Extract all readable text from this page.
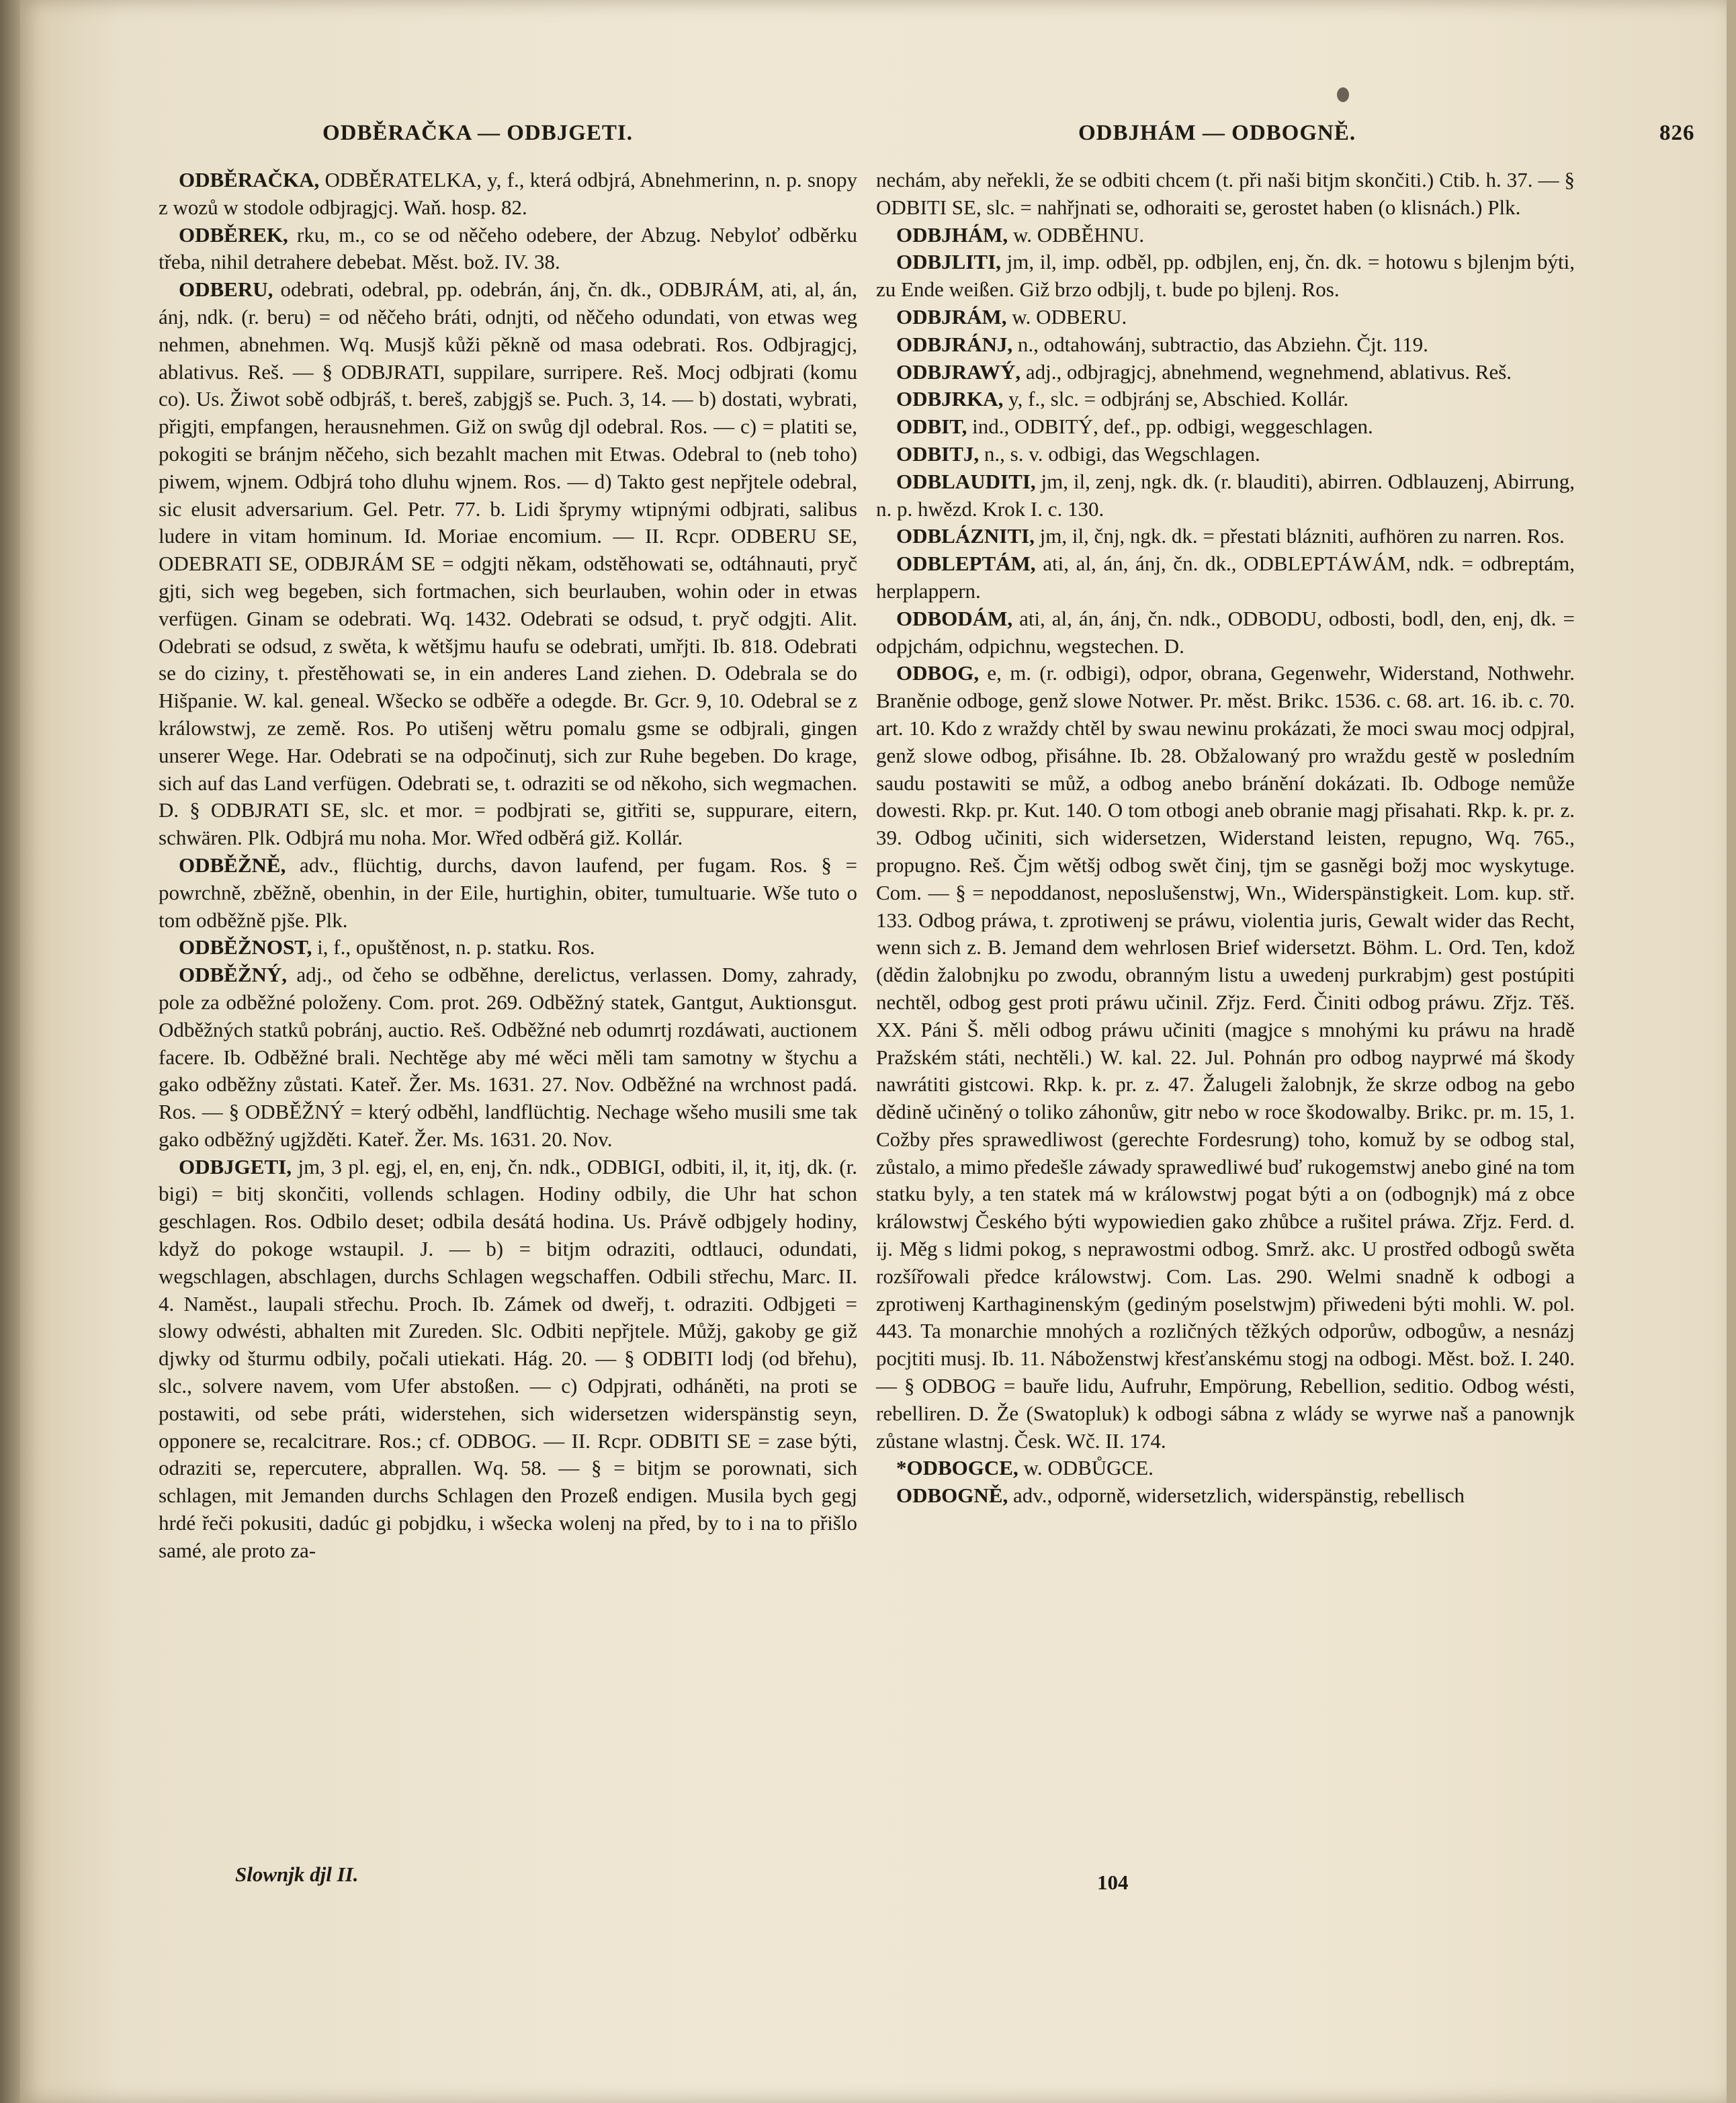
ODBĚRAČKA — ODBJGETI.	ODBJHÁM — ODBOGNĚ.	826

ODBĚRAČKA, ODBĚRATELKA, y, f., která odbjrá, Abnehmerinn, n. p. snopy z wozů w stodole odbjragjcj. Waň. hosp. 82.

ODBĚREK, rku, m., co se od něčeho odebere, der Abzug. Nebyloť odběrku třeba, nihil detrahere debebat. Měst. bož. IV. 38.

ODBERU, odebrati, odebral, pp. odebrán, ánj, čn. dk., ODBJRÁM, ati, al, án, ánj, ndk. (r. beru) = od něčeho bráti, odnjti, od něčeho odundati, von etwas weg nehmen, abnehmen. Wq. Musjš kůži pěkně od masa odebrati. Ros. Odbjragjcj, ablativus. Reš. — § ODBJRATI, suppilare, surripere. Reš. Mocj odbjrati (komu co). Us. Žiwot sobě odbjráš, t. bereš, zabjgjš se. Puch. 3, 14. — b) dostati, wybrati, přigjti, empfangen, herausnehmen. Giž on swůg djl odebral. Ros. — c) = platiti se, pokogiti se bránjm něčeho, sich bezahlt machen mit Etwas. Odebral to (neb toho) piwem, wjnem. Odbjrá toho dluhu wjnem. Ros. — d) Takto gest nepřjtele odebral, sic elusit adversarium. Gel. Petr. 77. b. Lidi šprymy wtipnými odbjrati, salibus ludere in vitam hominum. Id. Moriae encomium. — II. Rcpr. ODBERU SE, ODEBRATI SE, ODBJRÁM SE = odgjti někam, odstěhowati se, odtáhnauti, pryč gjti, sich weg begeben, sich fortmachen, sich beurlauben, wohin oder in etwas verfügen. Ginam se odebrati. Wq. 1432. Odebrati se odsud, t. pryč odgjti. Alit. Odebrati se odsud, z swěta, k wětšjmu haufu se odebrati, umřjti. Ib. 818. Odebrati se do ciziny, t. přestěhowati se, in ein anderes Land ziehen. D. Odebrala se do Hišpanie. W. kal. geneal. Wšecko se odběře a odegde. Br. Gcr. 9, 10. Odebral se z králowstwj, ze země. Ros. Po utišenj wětru pomalu gsme se odbjrali, gingen unserer Wege. Har. Odebrati se na odpočinutj, sich zur Ruhe begeben. Do krage, sich auf das Land verfügen. Odebrati se, t. odraziti se od někoho, sich wegmachen. D. § ODBJRATI SE, slc. et mor. = podbjrati se, gitřiti se, suppurare, eitern, schwären. Plk. Odbjrá mu noha. Mor. Wřed odběrá giž. Kollár.

ODBĚŽNĚ, adv., flüchtig, durchs, davon laufend, per fugam. Ros. § = powrchně, zběžně, obenhin, in der Eile, hurtighin, obiter, tumultuarie. Wše tuto o tom odběžně pjše. Plk.

ODBĚŽNOST, i, f., opuštěnost, n. p. statku. Ros.

ODBĚŽNÝ, adj., od čeho se odběhne, derelictus, verlassen. Domy, zahrady, pole za odběžné položeny. Com. prot. 269. Odběžný statek, Gantgut, Auktionsgut. Odběžných statků pobránj, auctio. Reš. Odběžné neb odumrtj rozdáwati, auctionem facere. Ib. Odběžné brali. Nechtěge aby mé wěci měli tam samotny w štychu a gako odběžny zůstati. Kateř. Žer. Ms. 1631. 27. Nov. Odběžné na wrchnost padá. Ros. — § ODBĚŽNÝ = který odběhl, landflüchtig. Nechage wšeho musili sme tak gako odběžný ugjžděti. Kateř. Žer. Ms. 1631. 20. Nov.

ODBJGETI, jm, 3 pl. egj, el, en, enj, čn. ndk., ODBIGI, odbiti, il, it, itj, dk. (r. bigi) = bitj skončiti, vollends schlagen. Hodiny odbily, die Uhr hat schon geschlagen. Ros. Odbilo deset; odbila desátá hodina. Us. Právě odbjgely hodiny, když do pokoge wstaupil. J. — b) = bitjm odraziti, odtlauci, odundati, wegschlagen, abschlagen, durchs Schlagen wegschaffen. Odbili střechu, Marc. II. 4. Naměst., laupali střechu. Proch. Ib. Zámek od dweřj, t. odraziti. Odbjgeti = slowy odwésti, abhalten mit Zureden. Slc. Odbiti nepřjtele. Můžj, gakoby ge giž djwky od šturmu odbily, počali utiekati. Hág. 20. — § ODBITI lodj (od břehu), slc., solvere navem, vom Ufer abstoßen. — c) Odpjrati, odháněti, na proti se postawiti, od sebe práti, widerstehen, sich widersetzen widerspänstig seyn, opponere se, recalcitrare. Ros.; cf. ODBOG. — II. Rcpr. ODBITI SE = zase býti, odraziti se, repercutere, abprallen. Wq. 58. — § = bitjm se porownati, sich schlagen, mit Jemanden durchs Schlagen den Prozeß endigen. Musila bych gegj hrdé řeči pokusiti, dadúc gi pobjdku, i wšecka wolenj na před, by to i na to přišlo samé, ale proto za-

nechám, aby neřekli, že se odbiti chcem (t. při naši bitjm skončiti.) Ctib. h. 37. — § ODBITI SE, slc. = nahřjnati se, odhoraiti se, gerostet haben (o klisnách.) Plk.

ODBJHÁM, w. ODBĚHNU.

ODBJLITI, jm, il, imp. odběl, pp. odbjlen, enj, čn. dk. = hotowu s bjlenjm býti, zu Ende weißen. Giž brzo odbjlj, t. bude po bjlenj. Ros.

ODBJRÁM, w. ODBERU.

ODBJRÁNJ, n., odtahowánj, subtractio, das Abziehn. Čjt. 119.

ODBJRAWÝ, adj., odbjragjcj, abnehmend, wegnehmend, ablativus. Reš.

ODBJRKA, y, f., slc. = odbjránj se, Abschied. Kollár.

ODBIT, ind., ODBITÝ, def., pp. odbigi, weggeschlagen.

ODBITJ, n., s. v. odbigi, das Wegschlagen.

ODBLAUDITI, jm, il, zenj, ngk. dk. (r. blauditi), abirren. Odblauzenj, Abirrung, n. p. hwězd. Krok I. c. 130.

ODBLÁZNITI, jm, il, čnj, ngk. dk. = přestati blázniti, aufhören zu narren. Ros.

ODBLEPTÁM, ati, al, án, ánj, čn. dk., ODBLEPTÁWÁM, ndk. = odbreptám, herplappern.

ODBODÁM, ati, al, án, ánj, čn. ndk., ODBODU, odbosti, bodl, den, enj, dk. = odpjchám, odpichnu, wegstechen. D.

ODBOG, e, m. (r. odbigi), odpor, obrana, Gegenwehr, Widerstand, Nothwehr. Braněnie odboge, genž slowe Notwer. Pr. měst. Brikc. 1536. c. 68. art. 16. ib. c. 70. art. 10. Kdo z wraždy chtěl by swau newinu prokázati, že moci swau mocj odpjral, genž slowe odbog, přisáhne. Ib. 28. Obžalowaný pro wraždu gestě w posledním saudu postawiti se můž, a odbog anebo bránění dokázati. Ib. Odboge nemůže dowesti. Rkp. pr. Kut. 140. O tom otbogi aneb obranie magj přisahati. Rkp. k. pr. z. 39. Odbog učiniti, sich widersetzen, Widerstand leisten, repugno, Wq. 765., propugno. Reš. Čjm wětšj odbog swět činj, tjm se gasněgi božj moc wyskytuge. Com. — § = nepoddanost, neposlušenstwj, Wn., Widerspänstigkeit. Lom. kup. stř. 133. Odbog práwa, t. zprotiwenj se práwu, violentia juris, Gewalt wider das Recht, wenn sich z. B. Jemand dem wehrlosen Brief widersetzt. Böhm. L. Ord. Ten, kdož (dědin žalobnjku po zwodu, obranným listu a uwedenj purkrabjm) gest postúpiti nechtěl, odbog gest proti práwu učinil. Zřjz. Ferd. Činiti odbog práwu. Zřjz. Těš. XX. Páni Š. měli odbog práwu učiniti (magjce s mnohými ku práwu na hradě Pražském státi, nechtěli.) W. kal. 22. Jul. Pohnán pro odbog nayprwé má škody nawrátiti gistcowi. Rkp. k. pr. z. 47. Žalugeli žalobnjk, že skrze odbog na gebo dědině učiněný o toliko záhonůw, gitr nebo w roce škodowalby. Brikc. pr. m. 15, 1. Cožby přes sprawedliwost (gerechte Fordesrung) toho, komuž by se odbog stal, zůstalo, a mimo předešle záwady sprawedliwé buď rukogemstwj anebo giné na tom statku byly, a ten statek má w králowstwj pogat býti a on (odbognjk) má z obce králowstwj Českého býti wypowiedien gako zhůbce a rušitel práwa. Zřjz. Ferd. d. ij. Měg s lidmi pokog, s neprawostmi odbog. Smrž. akc. U prostřed odbogů swěta rozšířowali předce králowstwj. Com. Las. 290. Welmi snadně k odbogi a zprotiwenj Karthaginenským (gediným poselstwjm) přiwedeni býti mohli. W. pol. 443. Ta monarchie mnohých a rozličných těžkých odporůw, odbogůw, a nesnázj pocjtiti musj. Ib. 11. Náboženstwj křesťanskému stogj na odbogi. Měst. bož. I. 240. — § ODBOG = bauře lidu, Aufruhr, Empörung, Rebellion, seditio. Odbog wésti, rebelliren. D. Že (Swatopluk) k odbogi sábna z wlády se wyrwe naš a panownjk zůstane wlastnj. Česk. Wč. II. 174.

*ODBOGCE, w. ODBŮGCE.

ODBOGNĚ, adv., odporně, widersetzlich, widerspänstig, rebellisch

Slownjk djl II.	104
